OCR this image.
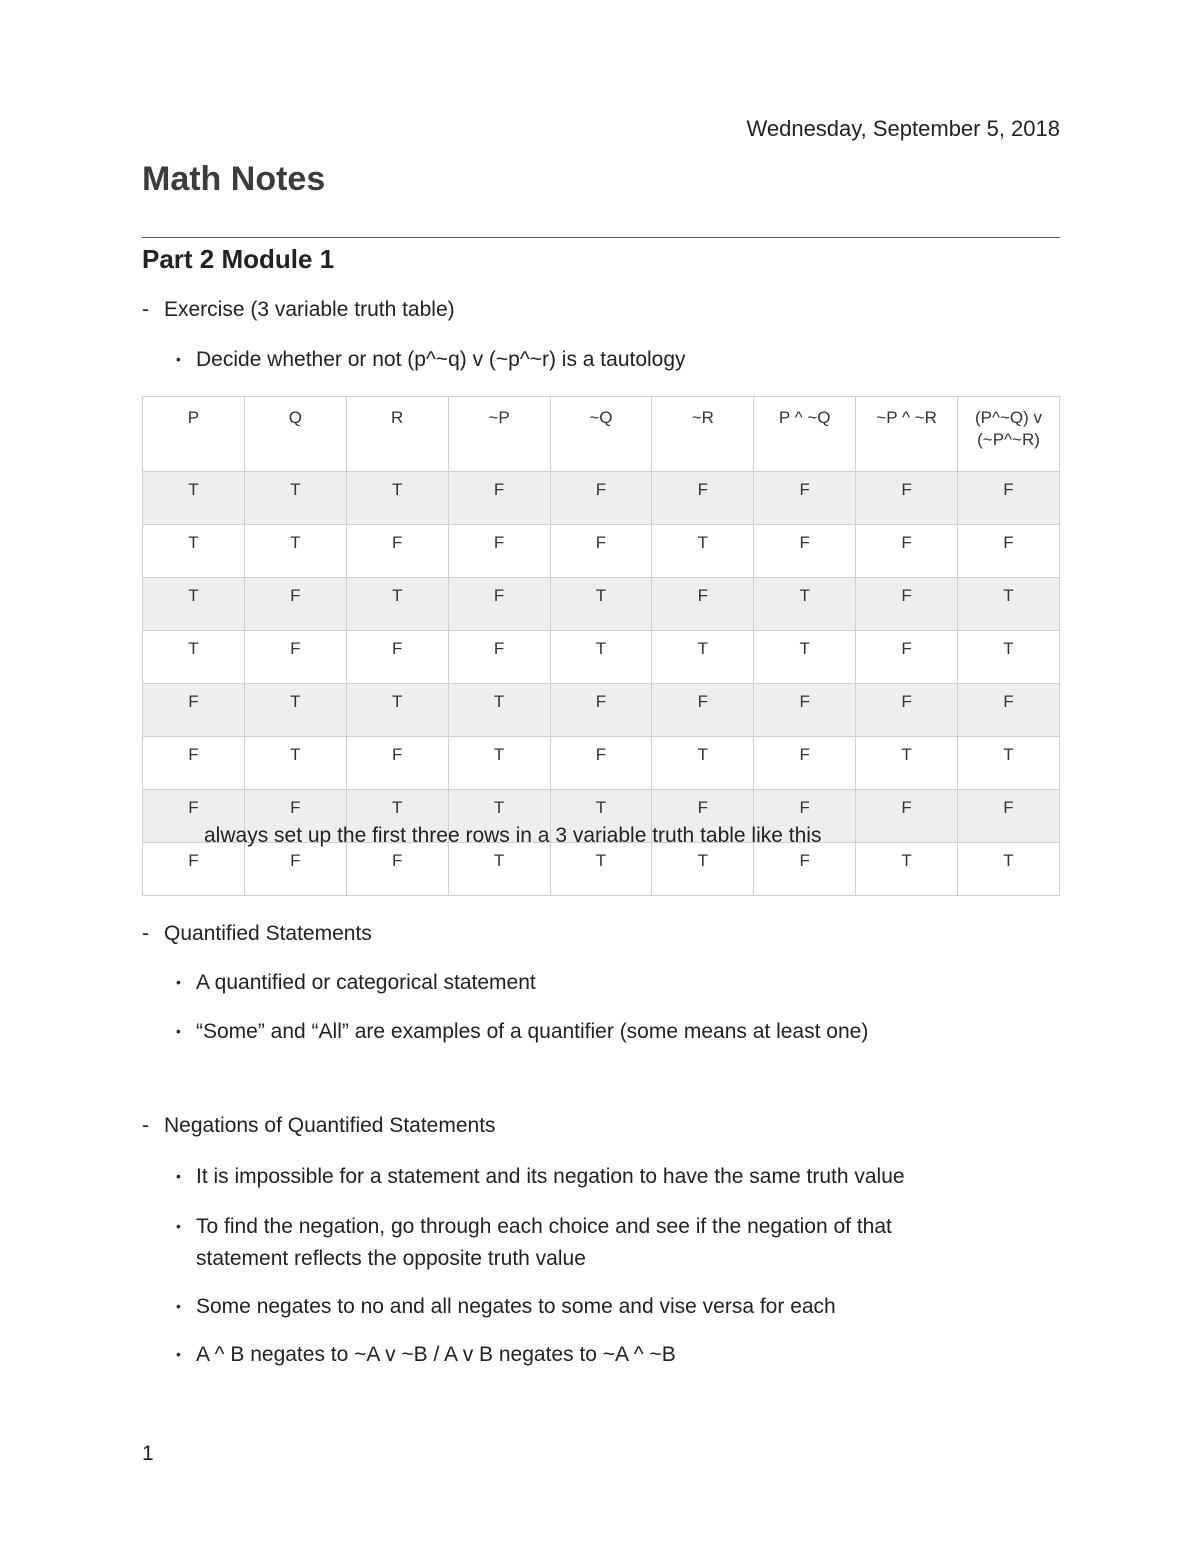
Wednesday, September 5, 2018
Math Notes
Part 2 Module 1
- Exercise (3 variable truth table)
• Decide whether or not (p^~q) v (~p^~r) is a tautology
P	Q	R	~P	~Q	~R	P ^ ~Q	~P ^ ~R	(P^~Q) v (~P^~R)
T	T	T	F	F	F	F	F	F
T	T	F	F	F	T	F	F	F
T	F	T	F	T	F	T	F	T
T	F	F	F	T	T	T	F	T
F	T	T	T	F	F	F	F	F
F	T	F	T	F	T	F	T	T
F	F	T	T	T	F	F	F	F
F	F	F	T	T	T	F	T	T
always set up the first three rows in a 3 variable truth table like this
- Quantified Statements
• A quantified or categorical statement
• “Some” and “All” are examples of a quantifier (some means at least one)
- Negations of Quantified Statements
• It is impossible for a statement and its negation to have the same truth value
• To find the negation, go through each choice and see if the negation of that
statement reflects the opposite truth value
• Some negates to no and all negates to some and vise versa for each
• A ^ B negates to ~A v ~B / A v B negates to ~A ^ ~B
1
